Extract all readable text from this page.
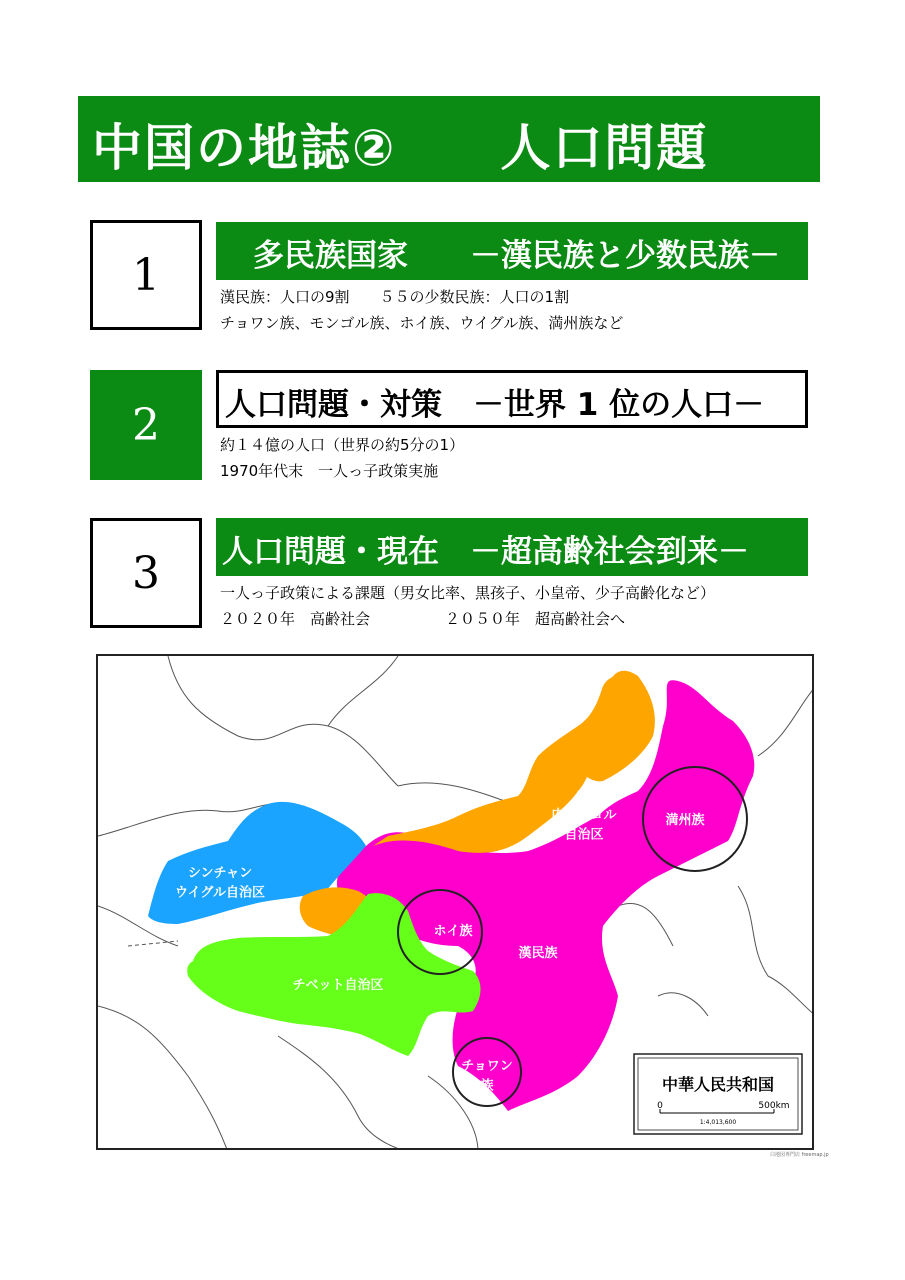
中国の地誌②　　人口問題
1

	　多民族国家　　－漢民族と少数民族－

漢民族：人口の9割　　５５の少数民族：人口の1割
チョワン族、モンゴル族、ホイ族、ウイグル族、満州族など
2

	人口問題・対策　－世界 1 位の人口－

約１４億の人口（世界の約5分の1）
1970年代末　一人っ子政策実施
3

	人口問題・現在　－超高齢社会到来－

一人っ子政策による課題（男女比率、黒孩子、小皇帝、少子高齢化など）
２０２０年　高齢社会　　　　　２０５０年　超高齢社会へ
シンチャンウイグル自治区
内モンゴル自治区
満州族
ホイ族
漢民族
チベット自治区
チョワン族	中華人民共和国
0	500km
1:4,013,600
白地図専門店 freemap.jp
